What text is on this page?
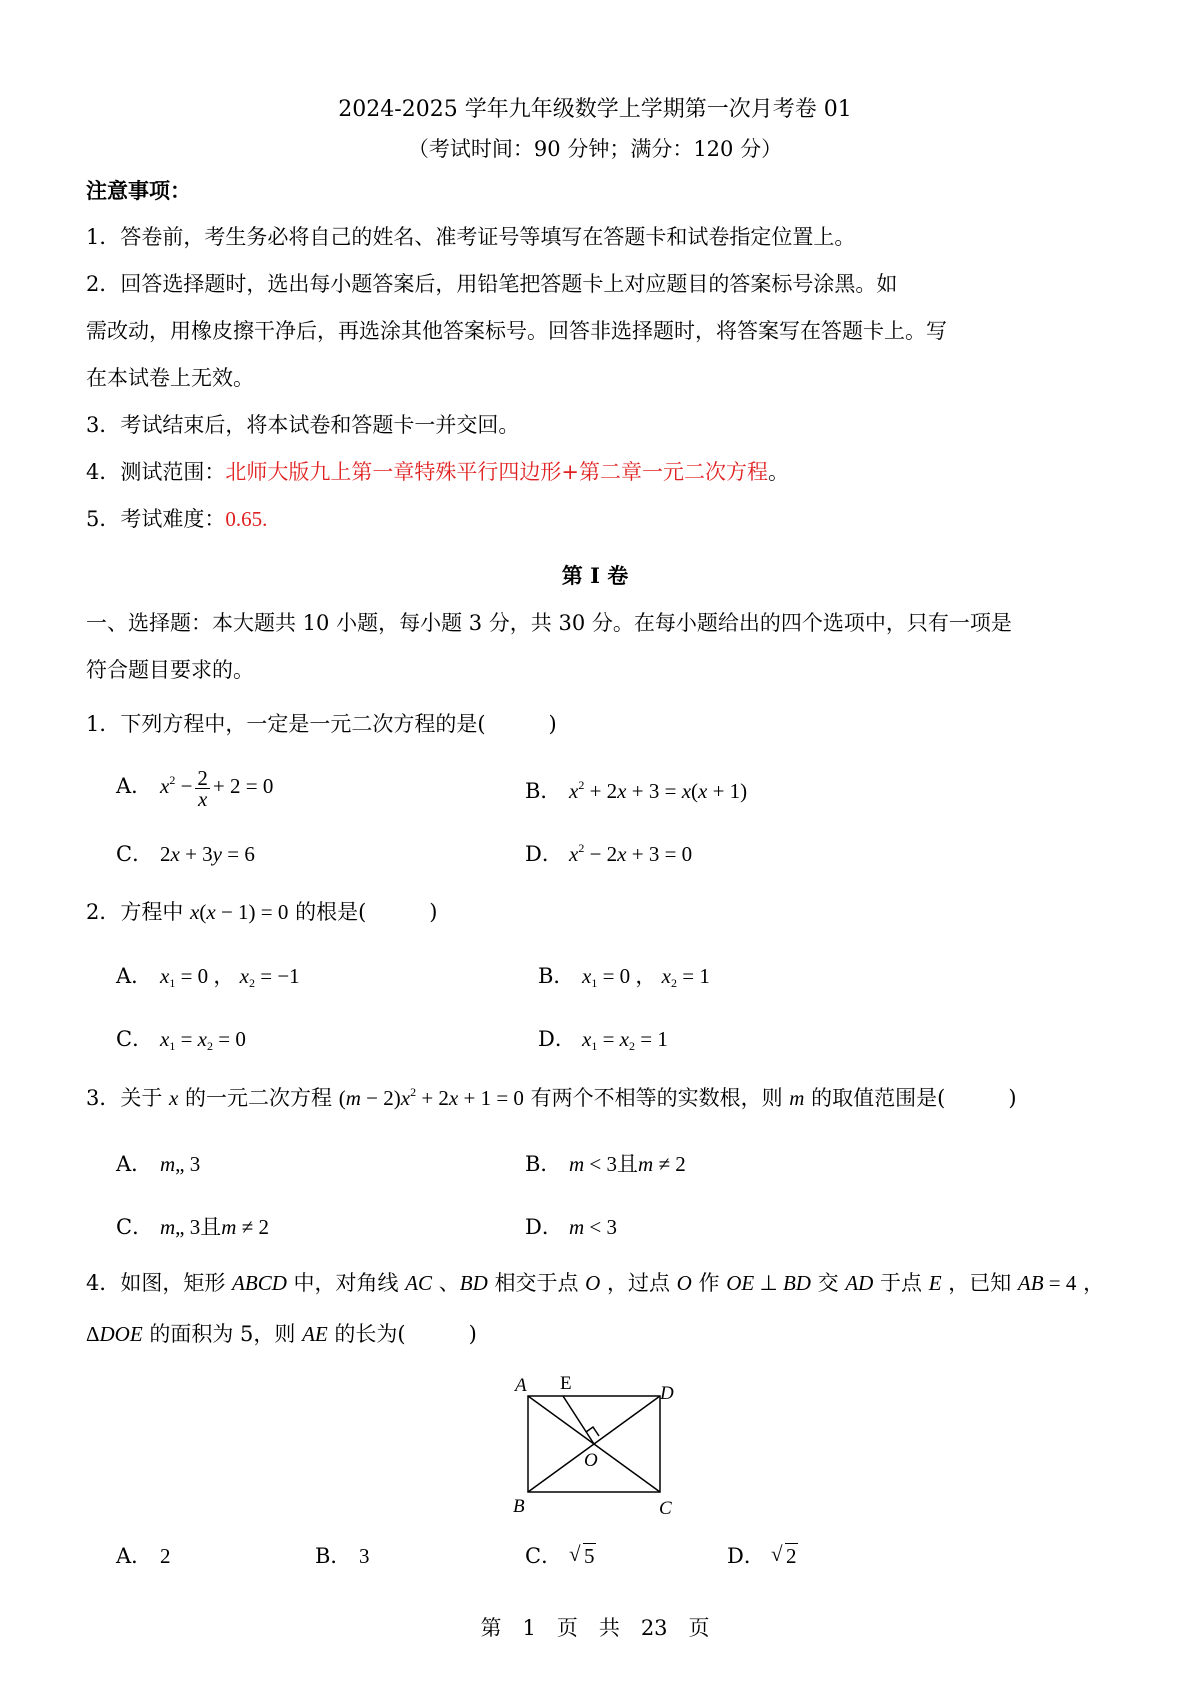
2024-2025 学年九年级数学上学期第一次月考卷 01
（考试时间：90 分钟；满分：120 分）
注意事项：
1．答卷前，考生务必将自己的姓名、准考证号等填写在答题卡和试卷指定位置上。
2．回答选择题时，选出每小题答案后，用铅笔把答题卡上对应题目的答案标号涂黑。如
需改动，用橡皮擦干净后，再选涂其他答案标号。回答非选择题时，将答案写在答题卡上。写
在本试卷上无效。
3．考试结束后，将本试卷和答题卡一并交回。
4．测试范围：北师大版九上第一章特殊平行四边形+第二章一元二次方程。
5．考试难度：0.65.
第 Ⅰ 卷
一、选择题：本大题共 10 小题，每小题 3 分，共 30 分。在每小题给出的四个选项中，只有一项是
符合题目要求的。
1．下列方程中，一定是一元二次方程的是(　　　)
A． $x^2 - \frac{2}{x} + 2 = 0$	B． $x^2 + 2x + 3 = x(x + 1)$
C． 2x + 3y = 6	D． $x^2 - 2x + 3 = 0$
2．方程中 x(x − 1) = 0 的根是(　　　)
A． $x_1 = 0$ ， $x_2 = -1$	B． $x_1 = 0$ ， $x_2 = 1$
C． $x_1 = x_2 = 0$	D． $x_1 = x_2 = 1$
3．关于 x 的一元二次方程 $(m - 2)x^2 + 2x + 1 = 0$ 有两个不相等的实数根，则 m 的取值范围是(　　　)
A． m„ 3	B． m < 3且m ≠ 2
C． m„ 3且m ≠ 2	D． m < 3
4．如图，矩形 ABCD 中，对角线 AC 、BD 相交于点 O ，过点 O 作 OE ⊥ BD 交 AD 于点 E ，已知 AB = 4 ，
ΔDOE 的面积为 5，则 AE 的长为(　　　)
A E	D
O
B	C
A． 2	B． 3	C． √ 5	D． √ 2
第　1　页　共　23　页
